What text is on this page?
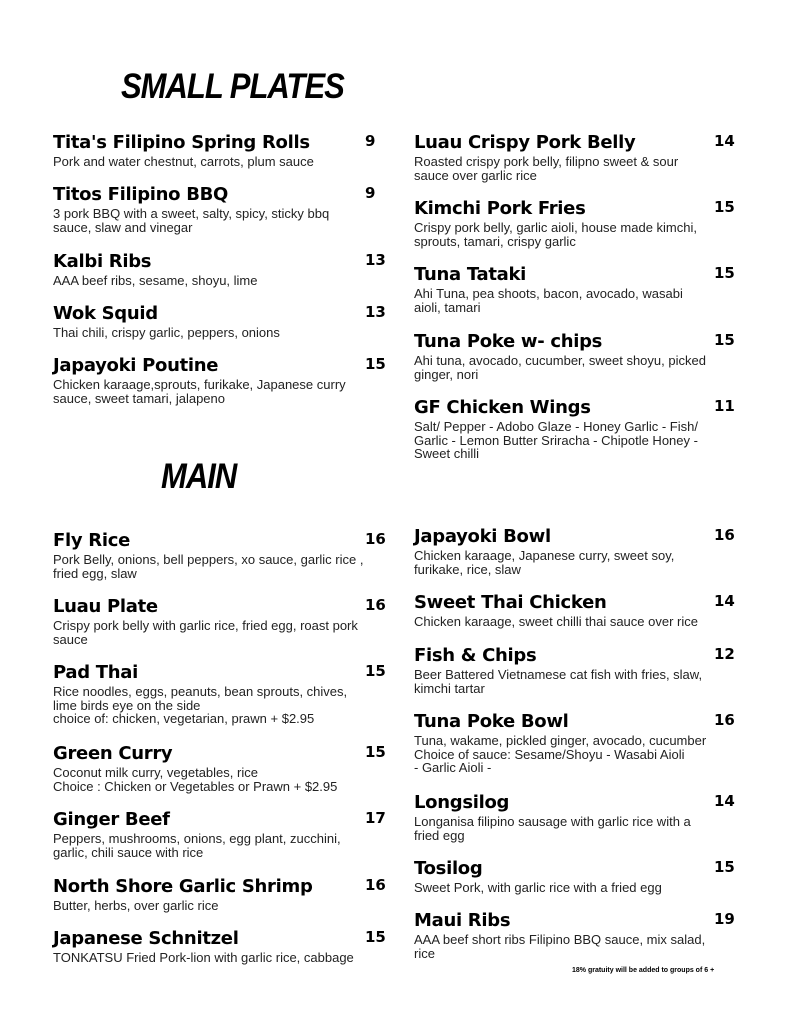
SMALL PLATES
Tita's Filipino Spring Rolls	9
Pork and water chestnut, carrots, plum sauce
Titos Filipino BBQ	9
3 pork BBQ with a sweet, salty, spicy, sticky bbq
sauce, slaw and vinegar
Kalbi Ribs	13
AAA beef ribs, sesame, shoyu, lime
Wok Squid	13
Thai chili, crispy garlic, peppers, onions
Japayoki Poutine	15
Chicken karaage,sprouts, furikake, Japanese curry
sauce, sweet tamari, jalapeno
Luau Crispy Pork Belly	14
Roasted crispy pork belly, filipno sweet & sour
sauce over garlic rice
Kimchi Pork Fries	15
Crispy pork belly, garlic aioli, house made kimchi,
sprouts, tamari, crispy garlic
Tuna Tataki	15
Ahi Tuna, pea shoots, bacon, avocado, wasabi
aioli, tamari
Tuna Poke w- chips	15
Ahi tuna, avocado, cucumber, sweet shoyu, picked
ginger, nori
GF Chicken Wings	11
Salt/ Pepper - Adobo Glaze - Honey Garlic - Fish/
Garlic - Lemon Butter Sriracha - Chipotle Honey -
Sweet chilli
MAIN
Fly Rice	16
Pork Belly, onions, bell peppers, xo sauce, garlic rice ,
fried egg, slaw
Luau Plate	16
Crispy pork belly with garlic rice, fried egg, roast pork
sauce
Pad Thai	15
Rice noodles, eggs, peanuts, bean sprouts, chives,
lime birds eye on the side
choice of: chicken, vegetarian, prawn + $2.95
Green Curry	15
Coconut milk curry, vegetables, rice
Choice : Chicken or Vegetables or Prawn + $2.95
Ginger Beef	17
Peppers, mushrooms, onions, egg plant, zucchini,
garlic, chili sauce with rice
North Shore Garlic Shrimp	16
Butter, herbs, over garlic rice
Japanese Schnitzel	15
TONKATSU Fried Pork-lion with garlic rice, cabbage
Japayoki Bowl	16
Chicken karaage, Japanese curry, sweet soy,
furikake, rice, slaw
Sweet Thai Chicken	14
Chicken karaage, sweet chilli thai sauce over rice
Fish & Chips	12
Beer Battered Vietnamese cat fish with fries, slaw,
kimchi tartar
Tuna Poke Bowl	16
Tuna, wakame, pickled ginger, avocado, cucumber
Choice of sauce: Sesame/Shoyu - Wasabi Aioli
- Garlic Aioli -
Longsilog	14
Longanisa filipino sausage with garlic rice with a
fried egg
Tosilog	15
Sweet Pork, with garlic rice with a fried egg
Maui Ribs	19
AAA beef short ribs Filipino BBQ sauce, mix salad,
rice
18% gratuity will be added to groups of 6 +
